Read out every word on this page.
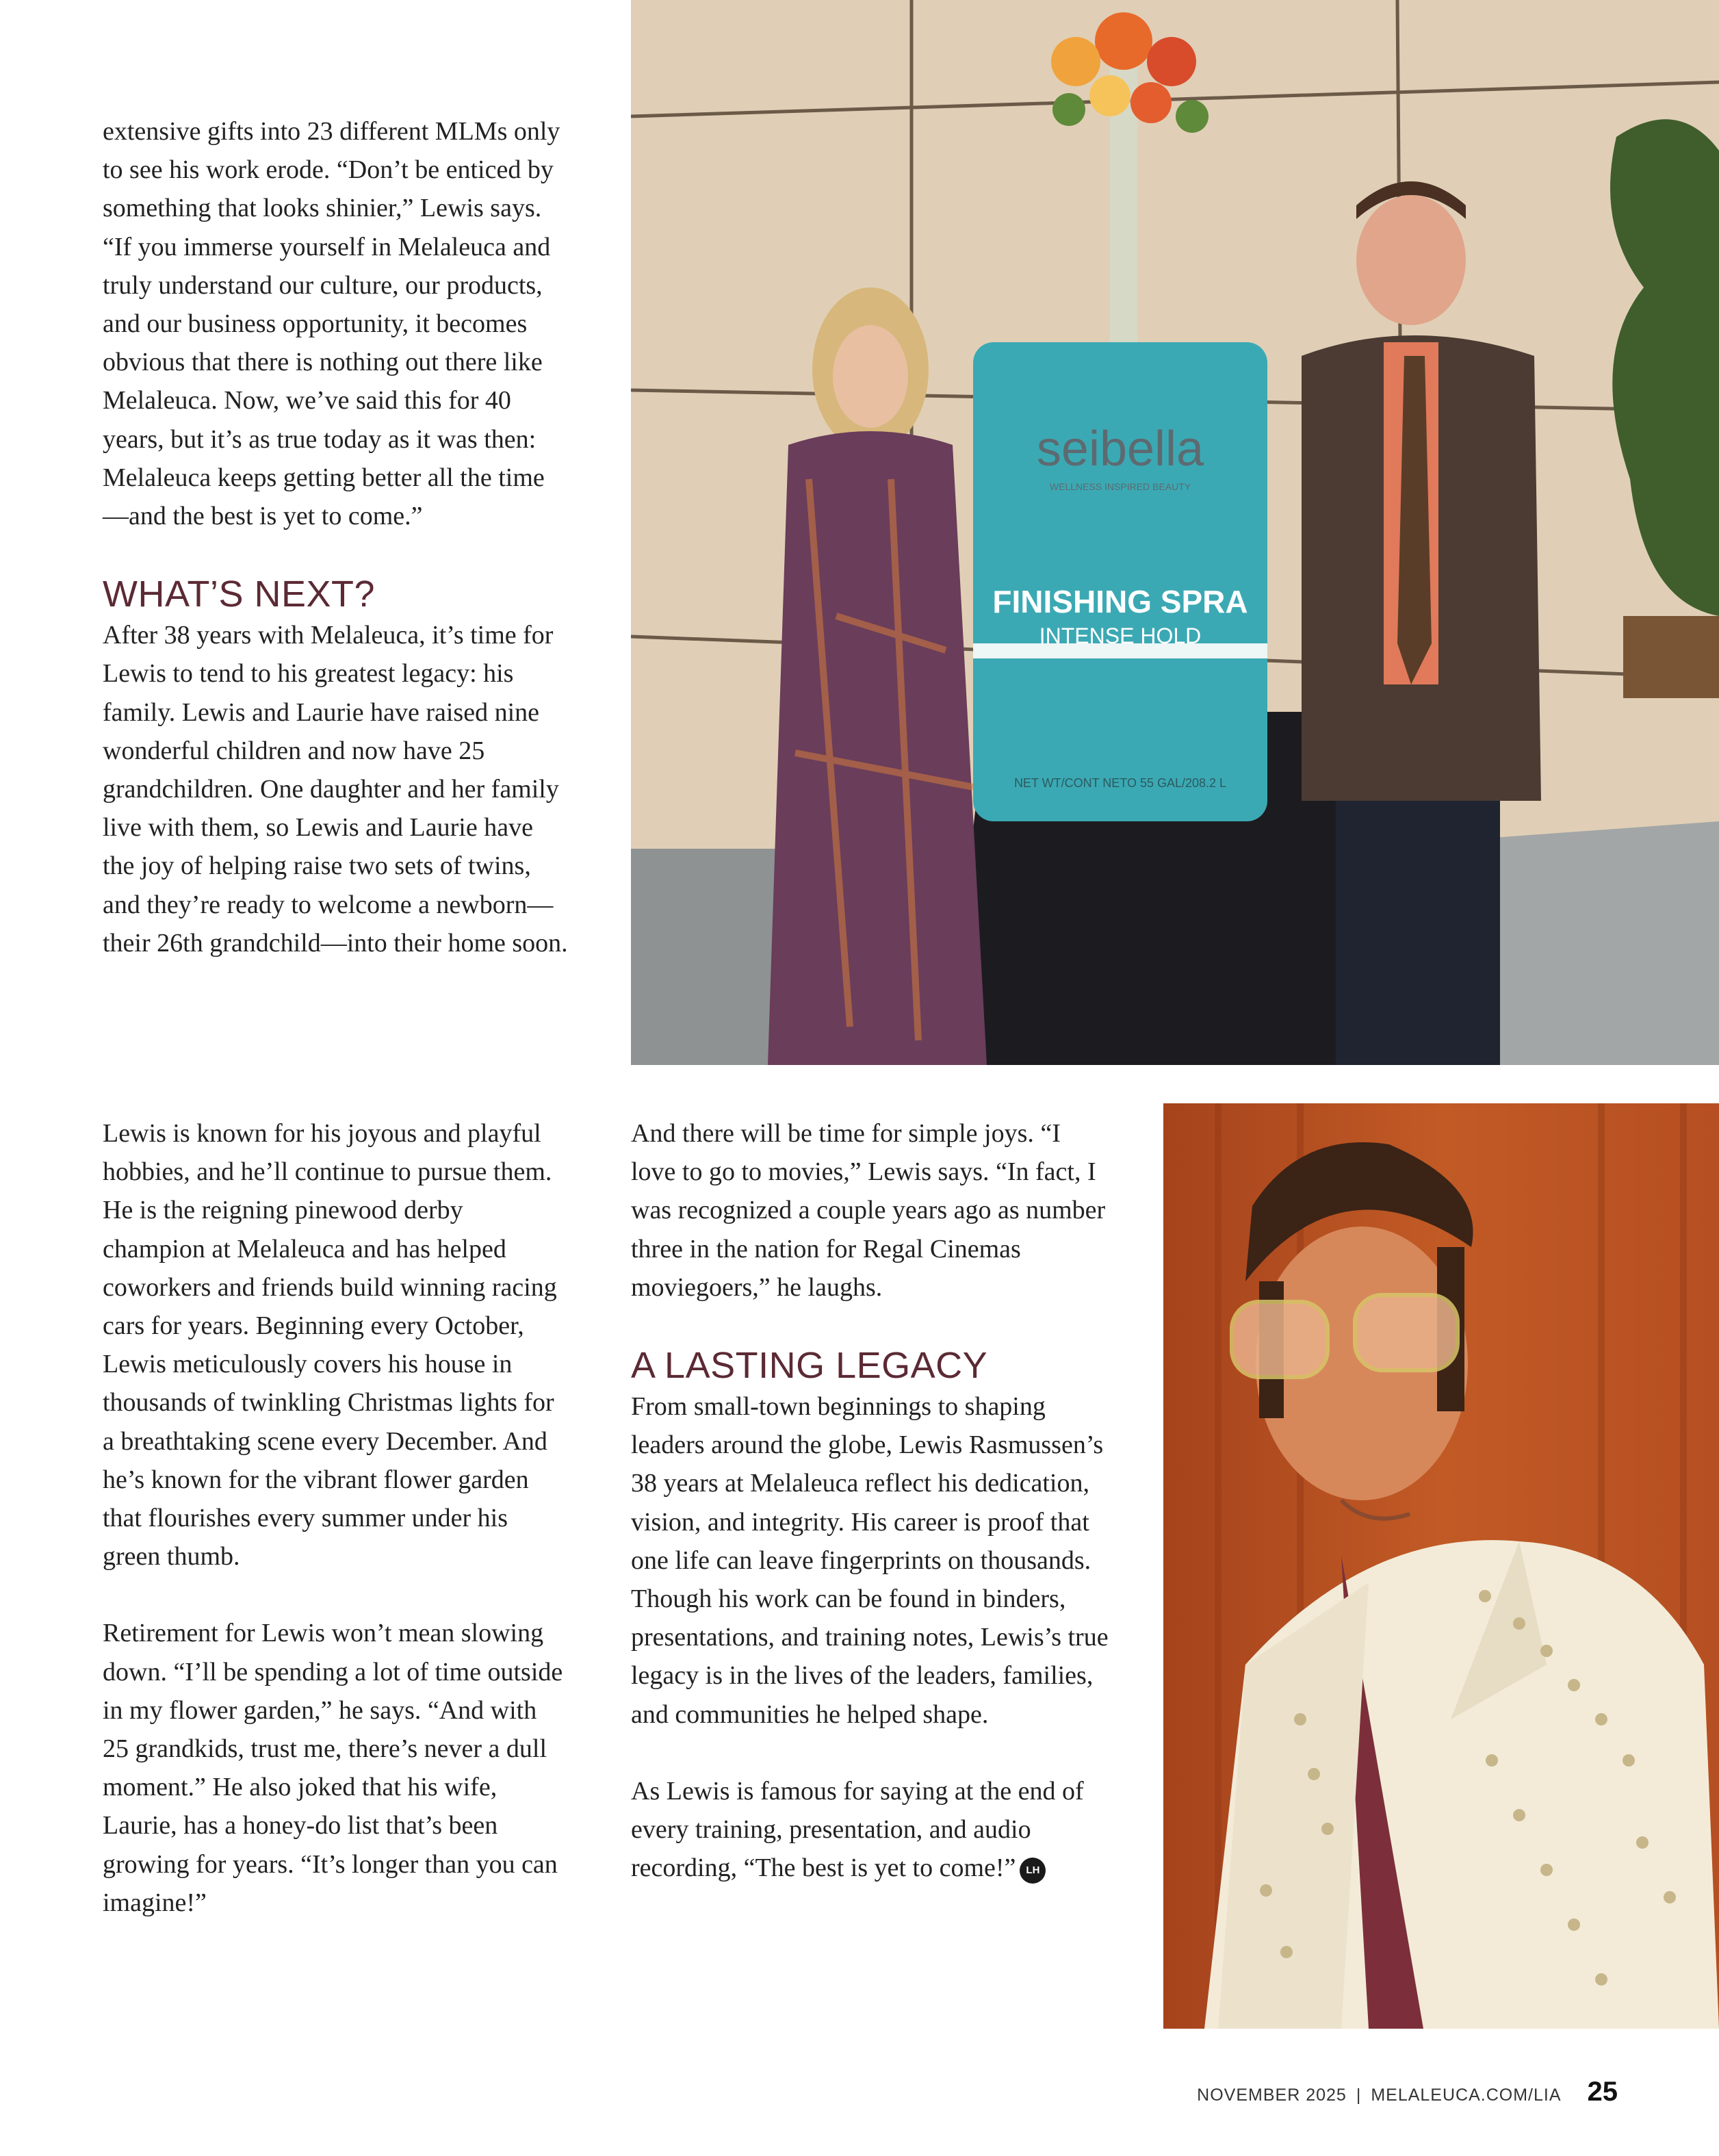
extensive gifts into 23 different MLMs only to see his work erode. “Don’t be enticed by something that looks shinier,” Lewis says. “If you immerse yourself in Melaleuca and truly understand our culture, our products, and our business opportunity, it becomes obvious that there is nothing out there like Melaleuca. Now, we’ve said this for 40 years, but it’s as true today as it was then: Melaleuca keeps getting better all the time—and the best is yet to come.”

WHAT’S NEXT?

After 38 years with Melaleuca, it’s time for Lewis to tend to his greatest legacy: his family. Lewis and Laurie have raised nine wonderful children and now have 25 grandchildren. One daughter and her family live with them, so Lewis and Laurie have the joy of helping raise two sets of twins, and they’re ready to welcome a newborn—their 26th grandchild—into their home soon.

Lewis is known for his joyous and playful hobbies, and he’ll continue to pursue them. He is the reigning pinewood derby champion at Melaleuca and has helped coworkers and friends build winning racing cars for years. Beginning every October, Lewis meticulously covers his house in thousands of twinkling Christmas lights for a breathtaking scene every December. And he’s known for the vibrant flower garden that flourishes every summer under his green thumb.

Retirement for Lewis won’t mean slowing down. “I’ll be spending a lot of time outside in my flower garden,” he says. “And with 25 grandkids, trust me, there’s never a dull moment.” He also joked that his wife, Laurie, has a honey-do list that’s been growing for years. “It’s longer than you can imagine!”

And there will be time for simple joys. “I love to go to movies,” Lewis says. “In fact, I was recognized a couple years ago as number three in the nation for Regal Cinemas moviegoers,” he laughs.

A LASTING LEGACY

From small-town beginnings to shaping leaders around the globe, Lewis Rasmussen’s 38 years at Melaleuca reflect his dedication, vision, and integrity. His career is proof that one life can leave fingerprints on thousands. Though his work can be found in binders, presentations, and training notes, Lewis’s true legacy is in the lives of the leaders, families, and communities he helped shape.

As Lewis is famous for saying at the end of every training, presentation, and audio recording, “The best is yet to come!” LH

seibella
WELLNESS INSPIRED BEAUTY
FINISHING SPRA
INTENSE HOLD
NET WT/CONT NETO 55 GAL/208.2 L
NOVEMBER 2025 | MELALEUCA.COM/LIA 25
